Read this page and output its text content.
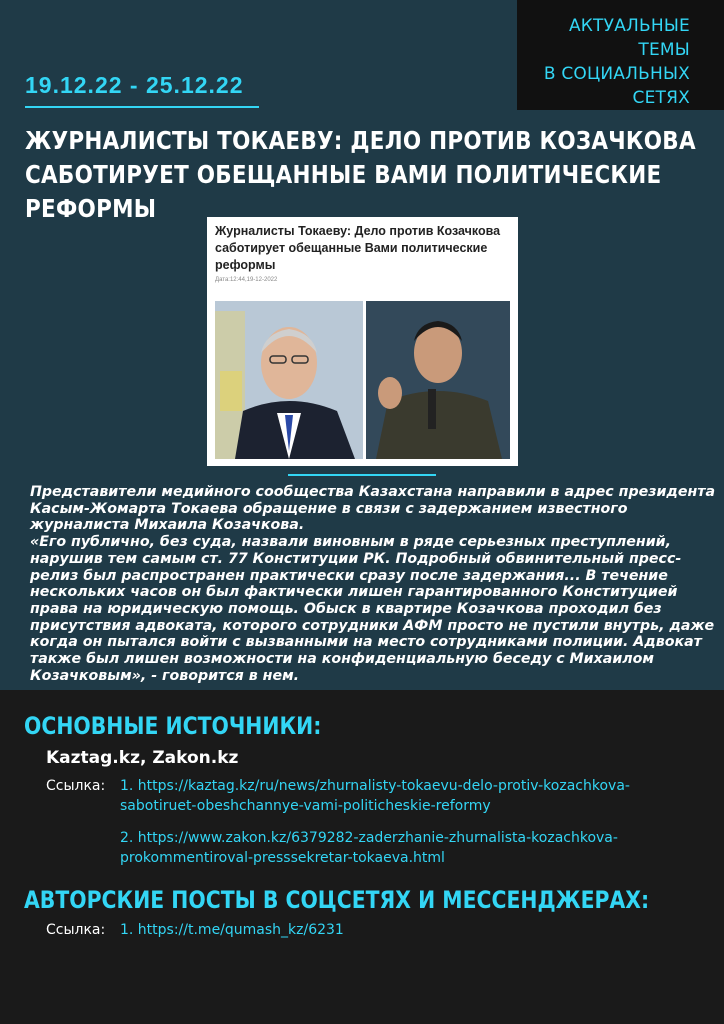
АКТУАЛЬНЫЕ ТЕМЫ
В СОЦИАЛЬНЫХ
СЕТЯХ
19.12.22 - 25.12.22
ЖУРНАЛИСТЫ ТОКАЕВУ: ДЕЛО ПРОТИВ КОЗАЧКОВА
САБОТИРУЕТ ОБЕЩАННЫЕ ВАМИ ПОЛИТИЧЕСКИЕ РЕФОРМЫ
Журналисты Токаеву: Дело против Козачкова саботирует обещанные Вами политические реформы
Дата:12:44,19-12-2022

Представители медийного сообщества Казахстана направили в адрес президента Касым-Жомарта Токаева обращение в связи с задержанием известного журналиста Михаила Козачкова.

«Его публично, без суда, назвали виновным в ряде серьезных преступлений, нарушив тем самым ст. 77 Конституции РК. Подробный обвинительный пресс-релиз был распространен практически сразу после задержания... В течение нескольких часов он был фактически лишен гарантированного Конституцией права на юридическую помощь. Обыск в квартире Козачкова проходил без присутствия адвоката, которого сотрудники АФМ просто не пустили внутрь, даже когда он пытался войти с вызванными на место сотрудниками полиции. Адвокат также был лишен возможности на конфиденциальную беседу с Михаилом Козачковым», - говорится в нем.

ОСНОВНЫЕ ИСТОЧНИКИ:
Kaztag.kz, Zakon.kz
Ссылка: 1. https://kaztag.kz/ru/news/zhurnalisty-tokaevu-delo-protiv-kozachkova-
sabotiruet-obeshchannye-vami-politicheskie-reformy
2. https://www.zakon.kz/6379282-zaderzhanie-zhurnalista-kozachkova-
prokommentiroval-presssekretar-tokaeva.html
АВТОРСКИЕ ПОСТЫ В СОЦСЕТЯХ И МЕССЕНДЖЕРАХ:
Ссылка: 1. https://t.me/qumash_kz/6231
